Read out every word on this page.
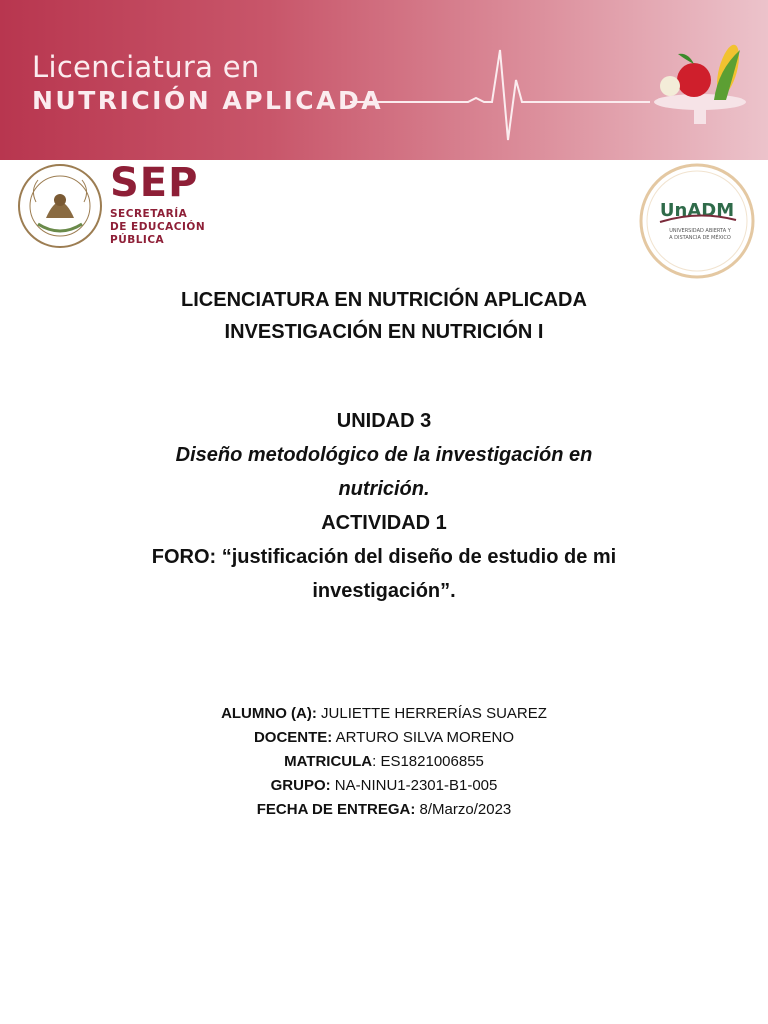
Licenciatura en
NUTRICIÓN APLICADA
SEP
SECRETARÍA
DE EDUCACIÓN
PÚBLICA
UnADM
UNIVERSIDAD ABIERTA Y
A DISTANCIA DE MÉXICO
LICENCIATURA EN NUTRICIÓN APLICADA
INVESTIGACIÓN EN NUTRICIÓN I
UNIDAD 3
Diseño metodológico de la investigación en
nutrición.
ACTIVIDAD 1
FORO: “justificación del diseño de estudio de mi
investigación”.
ALUMNO (A): JULIETTE HERRERÍAS SUAREZ
DOCENTE: ARTURO SILVA MORENO
MATRICULA: ES1821006855
GRUPO: NA-NINU1-2301-B1-005
FECHA DE ENTREGA: 8/Marzo/2023
